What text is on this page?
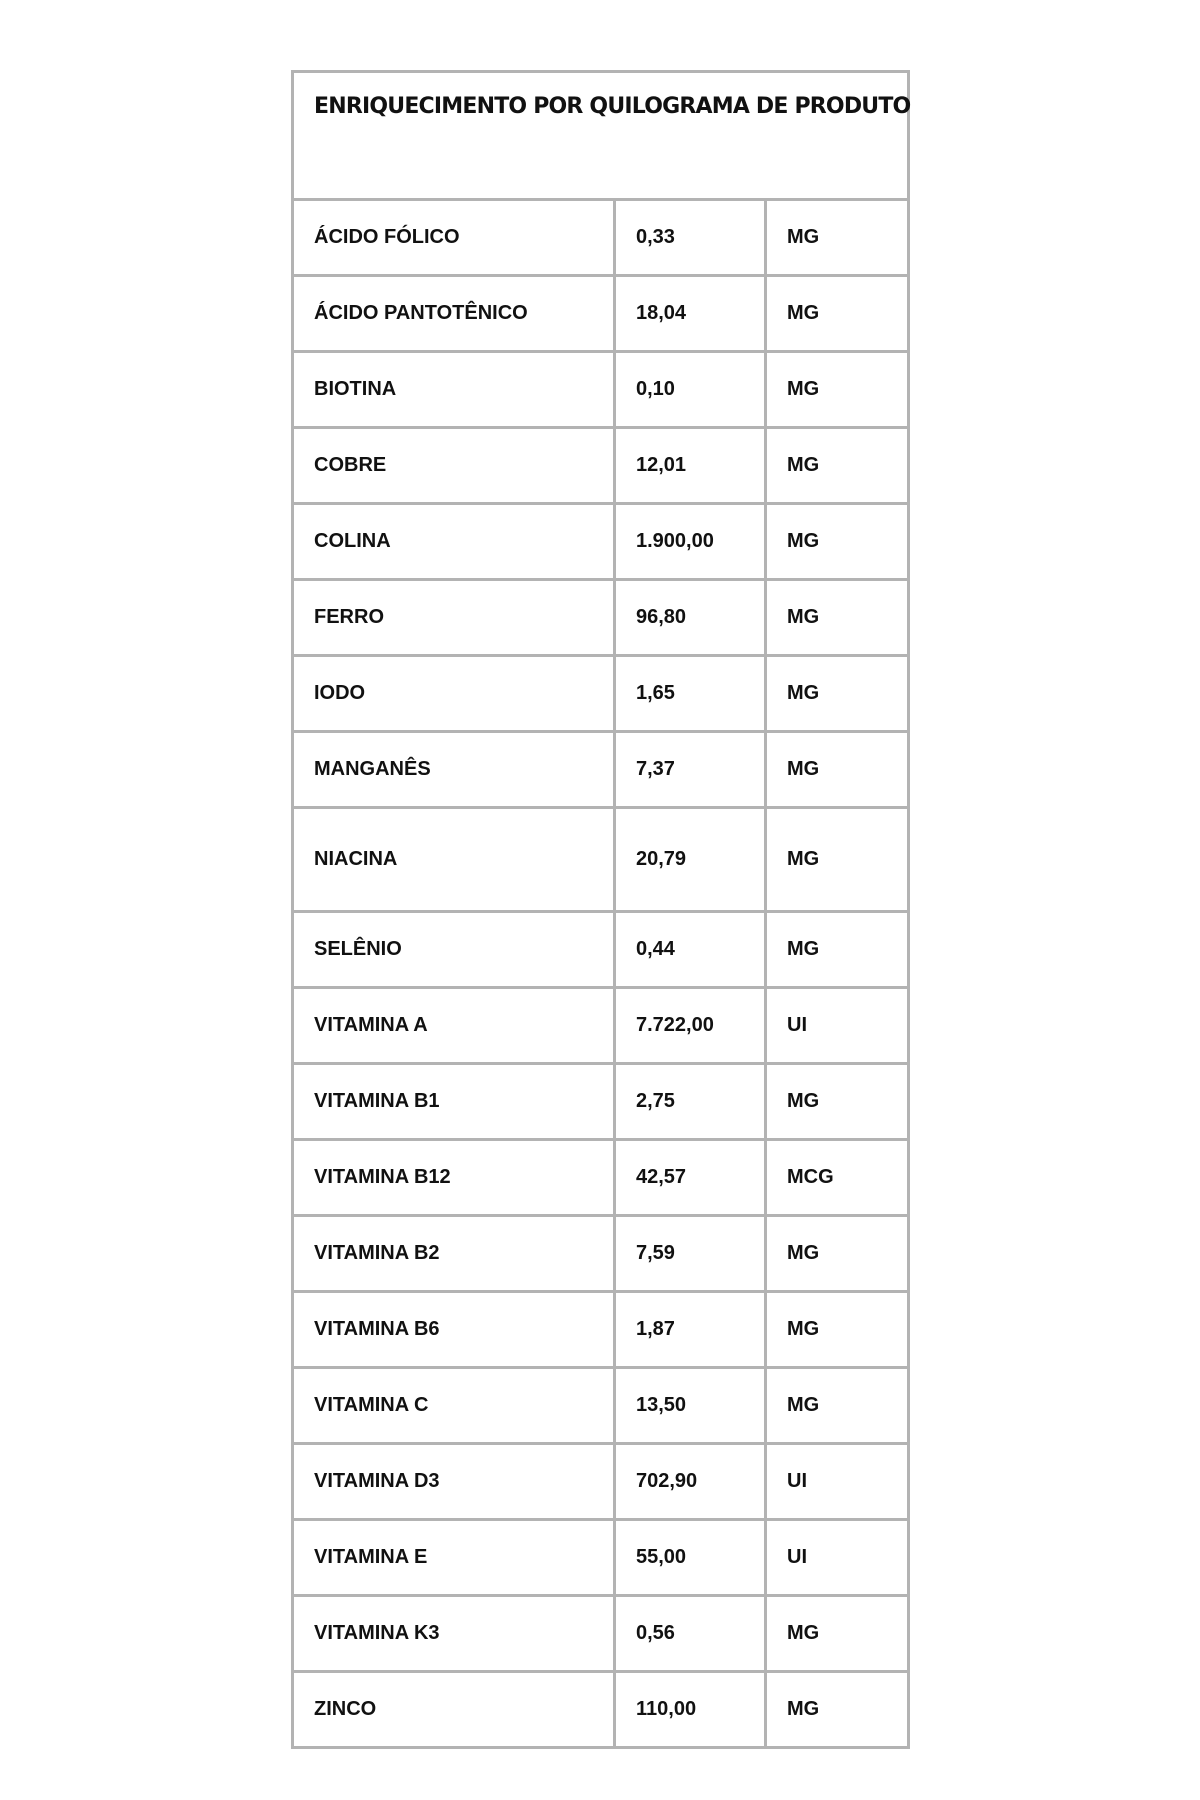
ENRIQUECIMENTO POR QUILOGRAMA DE PRODUTO		
ÁCIDO FÓLICO	0,33	MG
ÁCIDO PANTOTÊNICO	18,04	MG
BIOTINA	0,10	MG
COBRE	12,01	MG
COLINA	1.900,00	MG
FERRO	96,80	MG
IODO	1,65	MG
MANGANÊS	7,37	MG
NIACINA	20,79	MG
SELÊNIO	0,44	MG
VITAMINA A	7.722,00	UI
VITAMINA B1	2,75	MG
VITAMINA B12	42,57	MCG
VITAMINA B2	7,59	MG
VITAMINA B6	1,87	MG
VITAMINA C	13,50	MG
VITAMINA D3	702,90	UI
VITAMINA E	55,00	UI
VITAMINA K3	0,56	MG
ZINCO	110,00	MG
